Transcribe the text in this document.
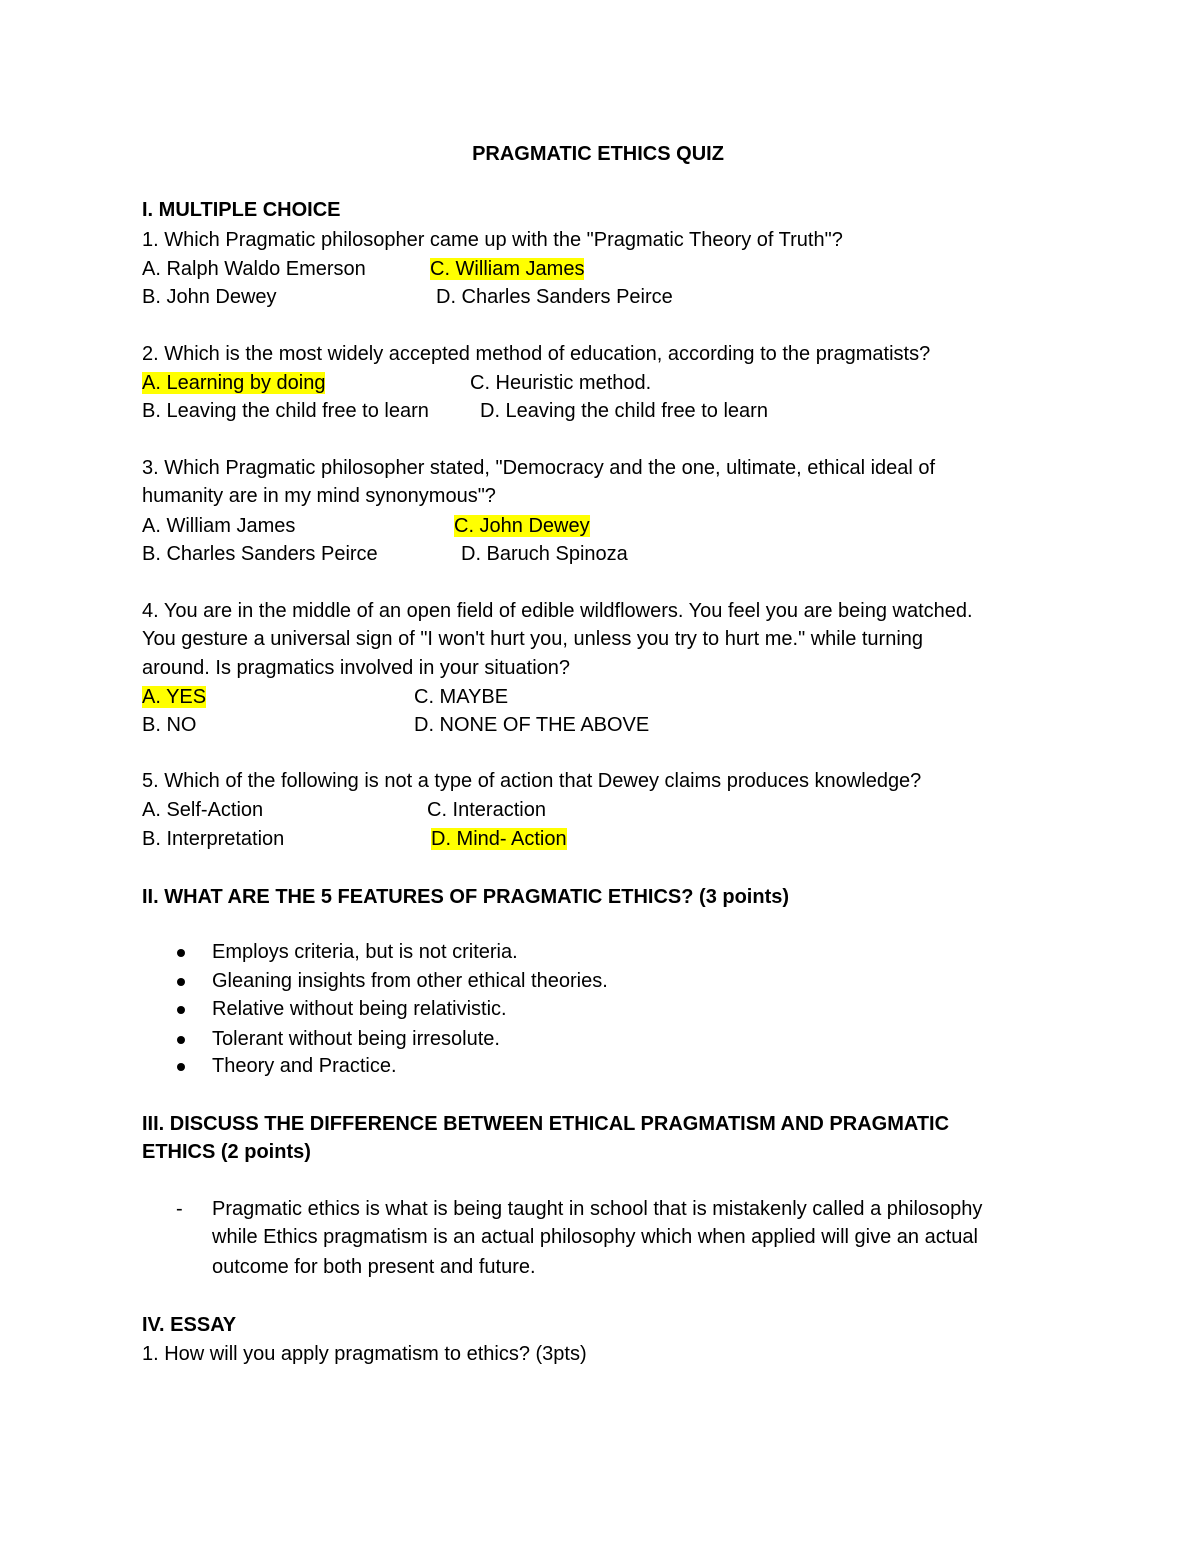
PRAGMATIC ETHICS QUIZ
I. MULTIPLE CHOICE
1. Which Pragmatic philosopher came up with the "Pragmatic Theory of Truth"?
A. Ralph Waldo Emerson	C. William James
B. John Dewey	D. Charles Sanders Peirce
2. Which is the most widely accepted method of education, according to the pragmatists?
A. Learning by doing	C. Heuristic method.
B. Leaving the child free to learn	D. Leaving the child free to learn
3. Which Pragmatic philosopher stated, "Democracy and the one, ultimate, ethical ideal of
humanity are in my mind synonymous"?
A. William James	C. John Dewey
B. Charles Sanders Peirce	D. Baruch Spinoza
4. You are in the middle of an open field of edible wildflowers. You feel you are being watched.
You gesture a universal sign of "I won't hurt you, unless you try to hurt me." while turning
around. Is pragmatics involved in your situation?
A. YES	C. MAYBE
B. NO	D. NONE OF THE ABOVE
5. Which of the following is not a type of action that Dewey claims produces knowledge?
A. Self-Action	C. Interaction
B. Interpretation	D. Mind- Action
II. WHAT ARE THE 5 FEATURES OF PRAGMATIC ETHICS? (3 points)
Employs criteria, but is not criteria.
Gleaning insights from other ethical theories.
Relative without being relativistic.
Tolerant without being irresolute.
Theory and Practice.
III. DISCUSS THE DIFFERENCE BETWEEN ETHICAL PRAGMATISM AND PRAGMATIC
ETHICS (2 points)
- Pragmatic ethics is what is being taught in school that is mistakenly called a philosophy
while Ethics pragmatism is an actual philosophy which when applied will give an actual
outcome for both present and future.
IV. ESSAY
1. How will you apply pragmatism to ethics? (3pts)
